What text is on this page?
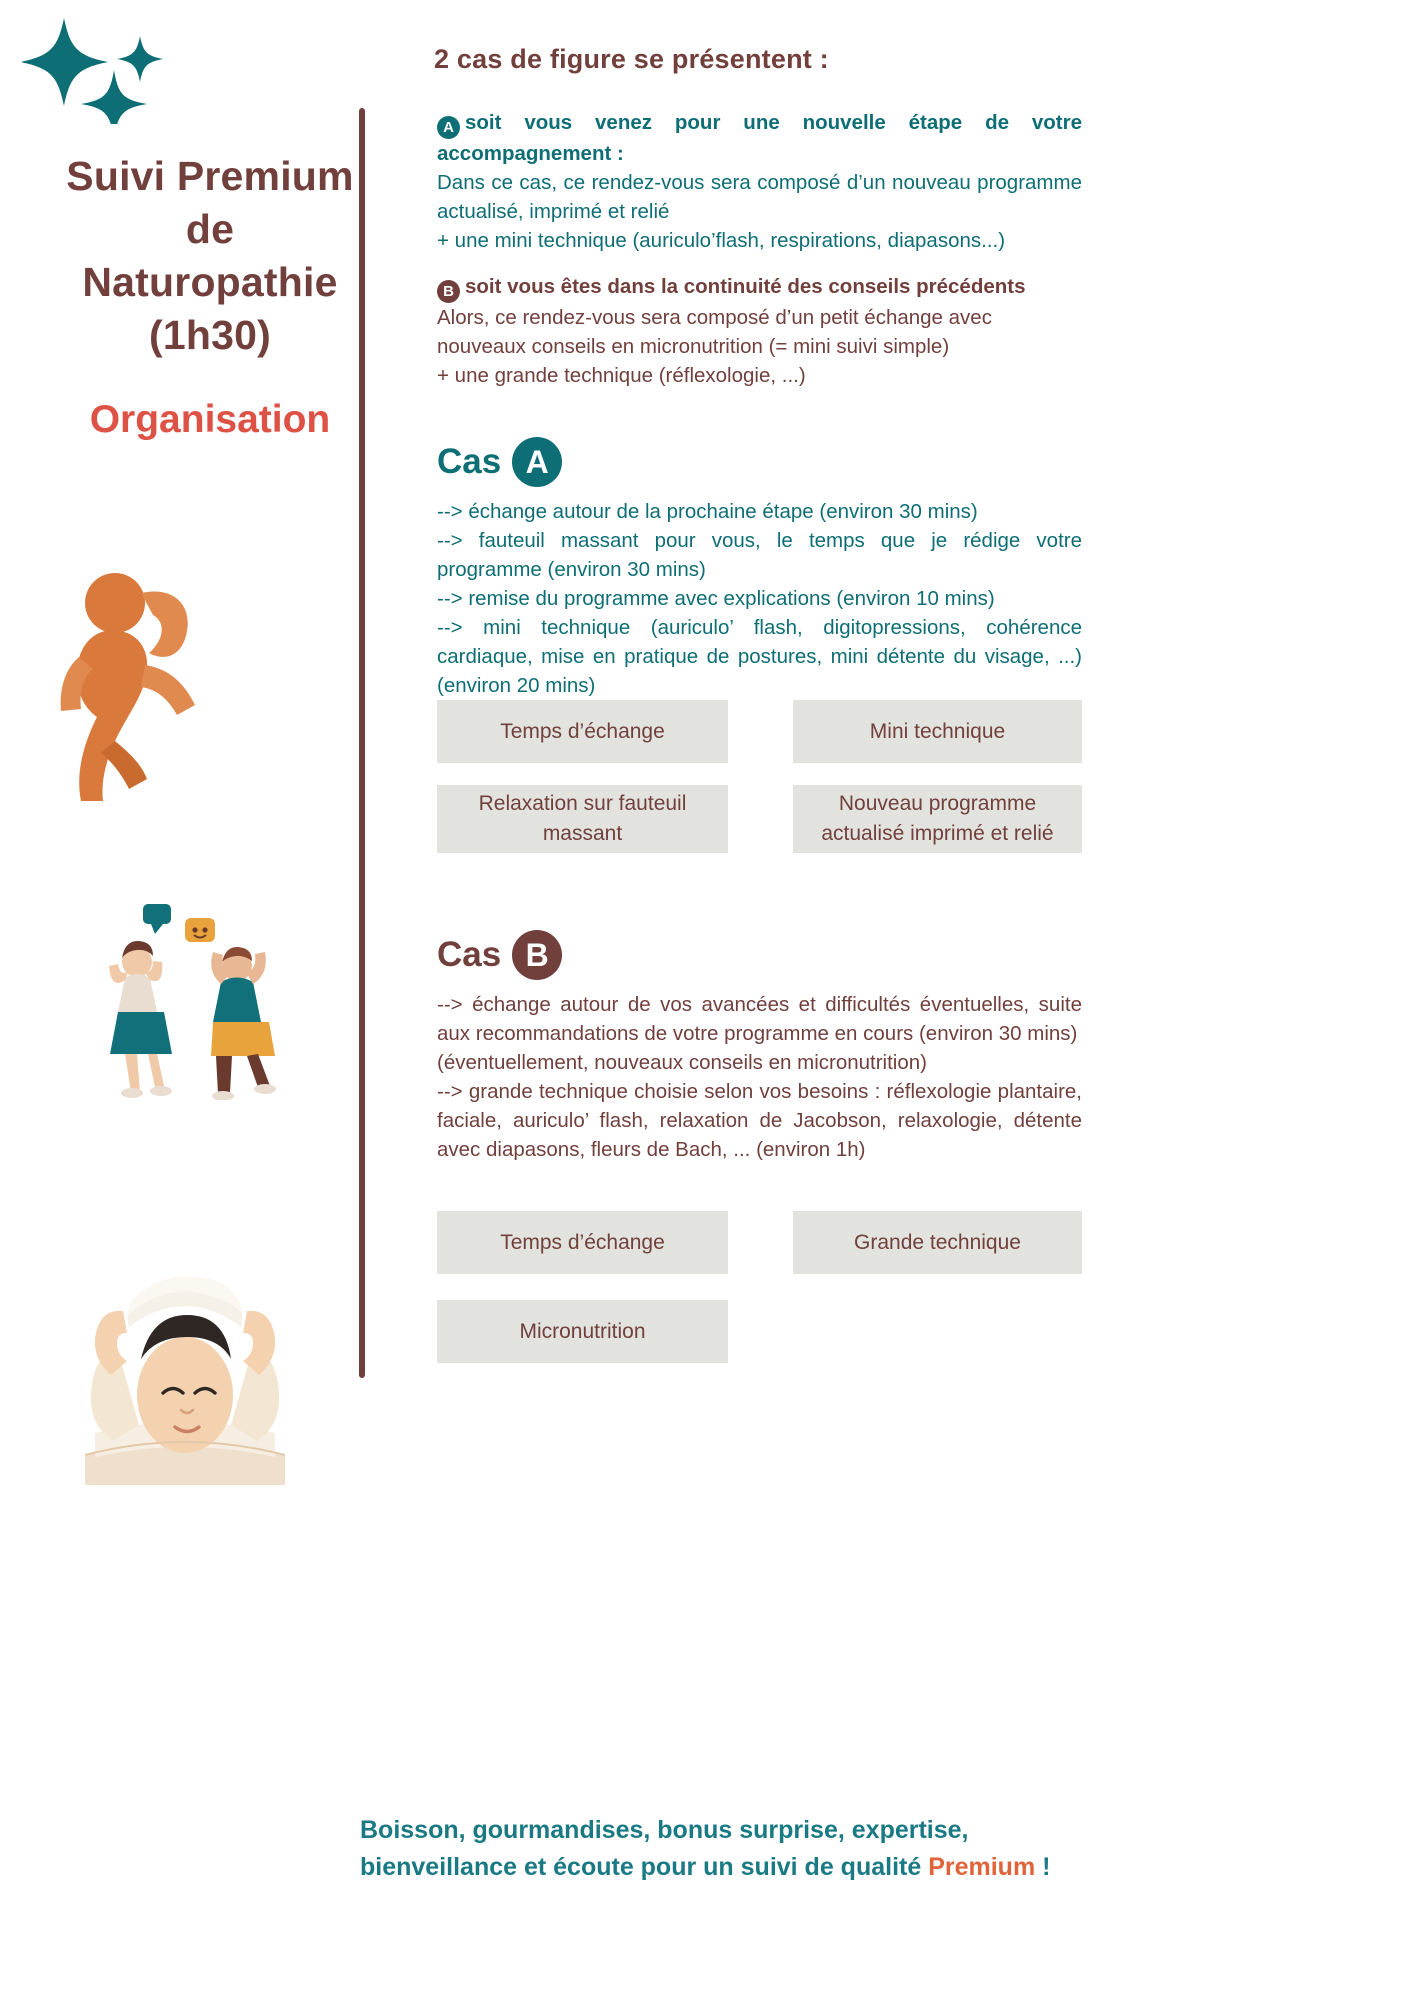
Suivi Premium
de
Naturopathie
(1h30)
Organisation
2 cas de figure se présentent :
A soit vous venez pour une nouvelle étape de votre accompagnement :
Dans ce cas, ce rendez-vous sera composé d’un nouveau programme actualisé, imprimé et relié
+ une mini technique (auriculo’flash, respirations, diapasons...)
B soit vous êtes dans la continuité des conseils précédents
Alors, ce rendez-vous sera composé d’un petit échange avec nouveaux conseils en micronutrition (= mini suivi simple)
+ une grande technique (réflexologie, ...)
Cas A
--> échange autour de la prochaine étape (environ 30 mins)
--> fauteuil massant pour vous, le temps que je rédige votre programme (environ 30 mins)
--> remise du programme avec explications (environ 10 mins)
--> mini technique (auriculo’ flash, digitopressions, cohérence cardiaque, mise en pratique de postures, mini détente du visage, ...) (environ 20 mins)
Temps d’échange
Relaxation sur fauteuil massant
Mini technique
Nouveau programme actualisé imprimé et relié
Cas B
--> échange autour de vos avancées et difficultés éventuelles, suite aux recommandations de votre programme en cours (environ 30 mins)
(éventuellement, nouveaux conseils en micronutrition)
--> grande technique choisie selon vos besoins : réflexologie plantaire, faciale, auriculo’ flash, relaxation de Jacobson, relaxologie, détente avec diapasons, fleurs de Bach, ... (environ 1h)
Temps d’échange
Micronutrition
Grande technique
Boisson, gourmandises, bonus surprise, expertise,
bienveillance et écoute pour un suivi de qualité Premium !
